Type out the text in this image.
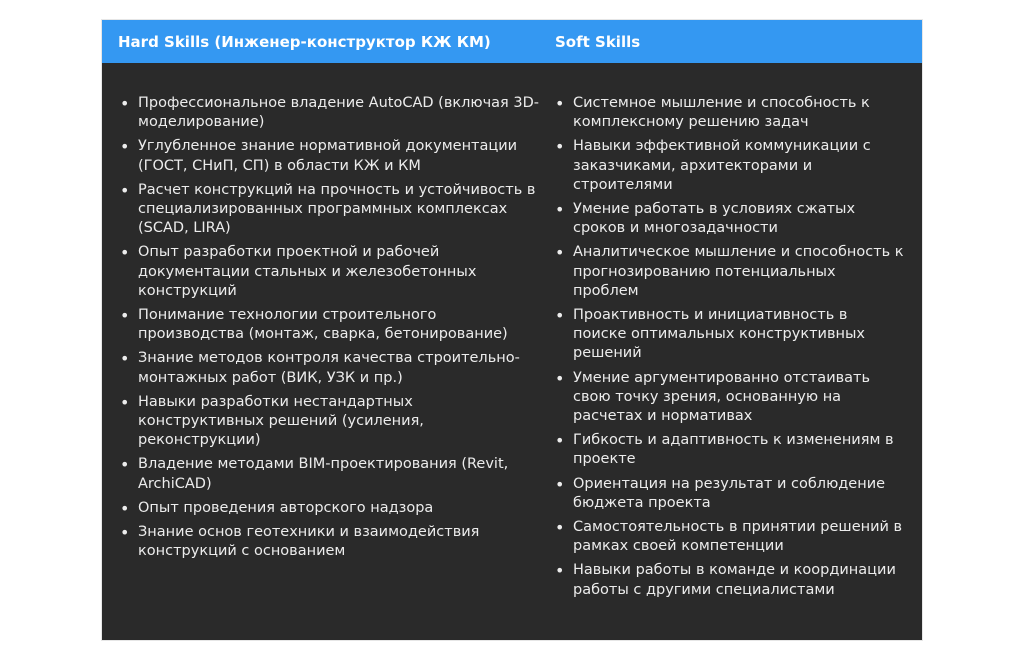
Hard Skills (Инженер-конструктор КЖ КМ)	Soft Skills
• Профессиональное владение AutoCAD (включая 3D-моделирование)
• Углубленное знание нормативной документации (ГОСТ, СНиП, СП) в области КЖ и КМ
• Расчет конструкций на прочность и устойчивость в специализированных программных комплексах (SCAD, LIRA)
• Опыт разработки проектной и рабочей документации стальных и железобетонных конструкций
• Понимание технологии строительного производства (монтаж, сварка, бетонирование)
• Знание методов контроля качества строительно-монтажных работ (ВИК, УЗК и пр.)
• Навыки разработки нестандартных конструктивных решений (усиления, реконструкции)
• Владение методами BIM-проектирования (Revit, ArchiCAD)
• Опыт проведения авторского надзора
• Знание основ геотехники и взаимодействия конструкций с основанием
• Системное мышление и способность к комплексному решению задач
• Навыки эффективной коммуникации с заказчиками, архитекторами и строителями
• Умение работать в условиях сжатых сроков и многозадачности
• Аналитическое мышление и способность к прогнозированию потенциальных проблем
• Проактивность и инициативность в поиске оптимальных конструктивных решений
• Умение аргументированно отстаивать свою точку зрения, основанную на расчетах и нормативах
• Гибкость и адаптивность к изменениям в проекте
• Ориентация на результат и соблюдение бюджета проекта
• Самостоятельность в принятии решений в рамках своей компетенции
• Навыки работы в команде и координации работы с другими специалистами
